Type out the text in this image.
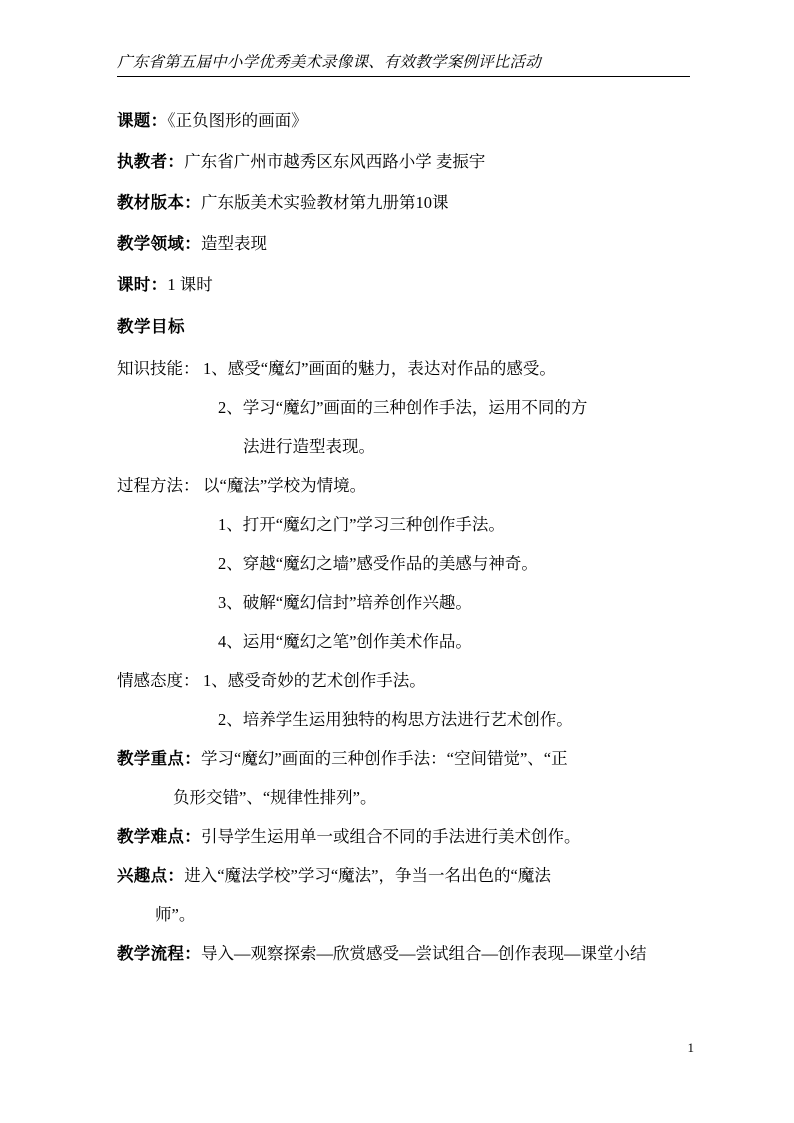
广东省第五届中小学优秀美术录像课、有效教学案例评比活动
课题：《正负图形的画面》
执教者：广东省广州市越秀区东风西路小学 麦振宇
教材版本：广东版美术实验教材第九册第10课
教学领域：造型表现
课时：1 课时
教学目标
知识技能： 1、感受“魔幻”画面的魅力，表达对作品的感受。
2、学习“魔幻”画面的三种创作手法，运用不同的方
法进行造型表现。
过程方法： 以“魔法”学校为情境。
1、打开“魔幻之门”学习三种创作手法。
2、穿越“魔幻之墙”感受作品的美感与神奇。
3、破解“魔幻信封”培养创作兴趣。
4、运用“魔幻之笔”创作美术作品。
情感态度： 1、感受奇妙的艺术创作手法。
2、培养学生运用独特的构思方法进行艺术创作。
教学重点：学习“魔幻”画面的三种创作手法：“空间错觉”、“正
负形交错”、“规律性排列”。
教学难点：引导学生运用单一或组合不同的手法进行美术创作。
兴趣点：进入“魔法学校”学习“魔法”，争当一名出色的“魔法
师”。
教学流程：导入—观察探索—欣赏感受—尝试组合—创作表现—课堂小结
1
